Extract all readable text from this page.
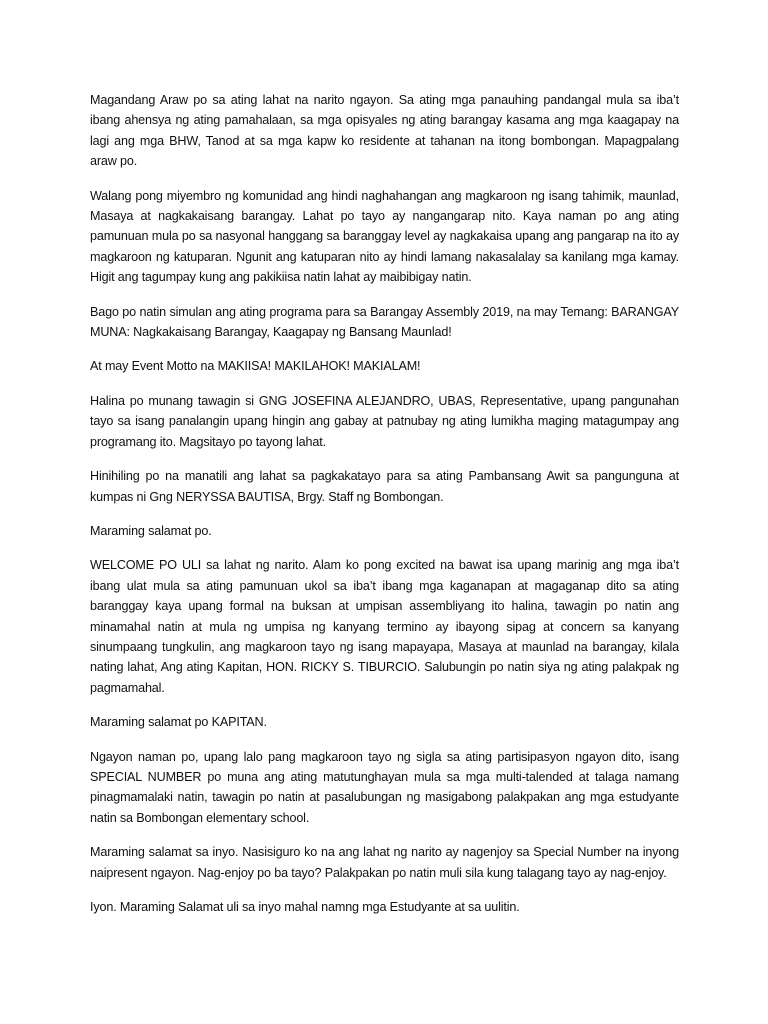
Magandang Araw po sa ating lahat na narito ngayon. Sa ating mga panauhing pandangal mula sa iba’t ibang ahensya ng ating pamahalaan, sa mga opisyales ng ating barangay kasama ang mga kaagapay na lagi ang mga BHW, Tanod at sa mga kapw ko residente at tahanan na itong bombongan. Mapagpalang araw po.

Walang pong miyembro ng komunidad ang hindi naghahangan ang magkaroon ng isang tahimik, maunlad, Masaya at nagkakaisang barangay. Lahat po tayo ay nangangarap nito. Kaya naman po ang ating pamunuan mula po sa nasyonal hanggang sa baranggay level ay nagkakaisa upang ang pangarap na ito ay magkaroon ng katuparan. Ngunit ang katuparan nito ay hindi lamang nakasalalay sa kanilang mga kamay. Higit ang tagumpay kung ang pakikiisa natin lahat ay maibibigay natin.

Bago po natin simulan ang ating programa para sa Barangay Assembly 2019, na may Temang: BARANGAY MUNA: Nagkakaisang Barangay, Kaagapay ng Bansang Maunlad!

At may Event Motto na MAKIISA! MAKILAHOK! MAKIALAM!

Halina po munang tawagin si GNG JOSEFINA ALEJANDRO, UBAS, Representative, upang pangunahan tayo sa isang panalangin upang hingin ang gabay at patnubay ng ating lumikha maging matagumpay ang programang ito. Magsitayo po tayong lahat.

Hinihiling po na manatili ang lahat sa pagkakatayo para sa ating Pambansang Awit sa pangunguna at kumpas ni Gng NERYSSA BAUTISA, Brgy. Staff ng Bombongan.

Maraming salamat po.

WELCOME PO ULI sa lahat ng narito. Alam ko pong excited na bawat isa upang marinig ang mga iba’t ibang ulat mula sa ating pamunuan ukol sa iba’t ibang mga kaganapan at magaganap dito sa ating baranggay kaya upang formal na buksan at umpisan assembliyang ito halina, tawagin po natin ang minamahal natin at mula ng umpisa ng kanyang termino ay ibayong sipag at concern sa kanyang sinumpaang tungkulin, ang magkaroon tayo ng isang mapayapa, Masaya at maunlad na barangay, kilala nating lahat, Ang ating Kapitan, HON. RICKY S. TIBURCIO. Salubungin po natin siya ng ating palakpak ng pagmamahal.

Maraming salamat po KAPITAN.

Ngayon naman po, upang lalo pang magkaroon tayo ng sigla sa ating partisipasyon ngayon dito, isang SPECIAL NUMBER po muna ang ating matutunghayan mula sa mga multi-talended at talaga namang pinagmamalaki natin, tawagin po natin at pasalubungan ng masigabong palakpakan ang mga estudyante natin sa Bombongan elementary school.

Maraming salamat sa inyo. Nasisiguro ko na ang lahat ng narito ay nagenjoy sa Special Number na inyong naipresent ngayon. Nag-enjoy po ba tayo? Palakpakan po natin muli sila kung talagang tayo ay nag-enjoy.

Iyon. Maraming Salamat uli sa inyo mahal namng mga Estudyante at sa uulitin.
